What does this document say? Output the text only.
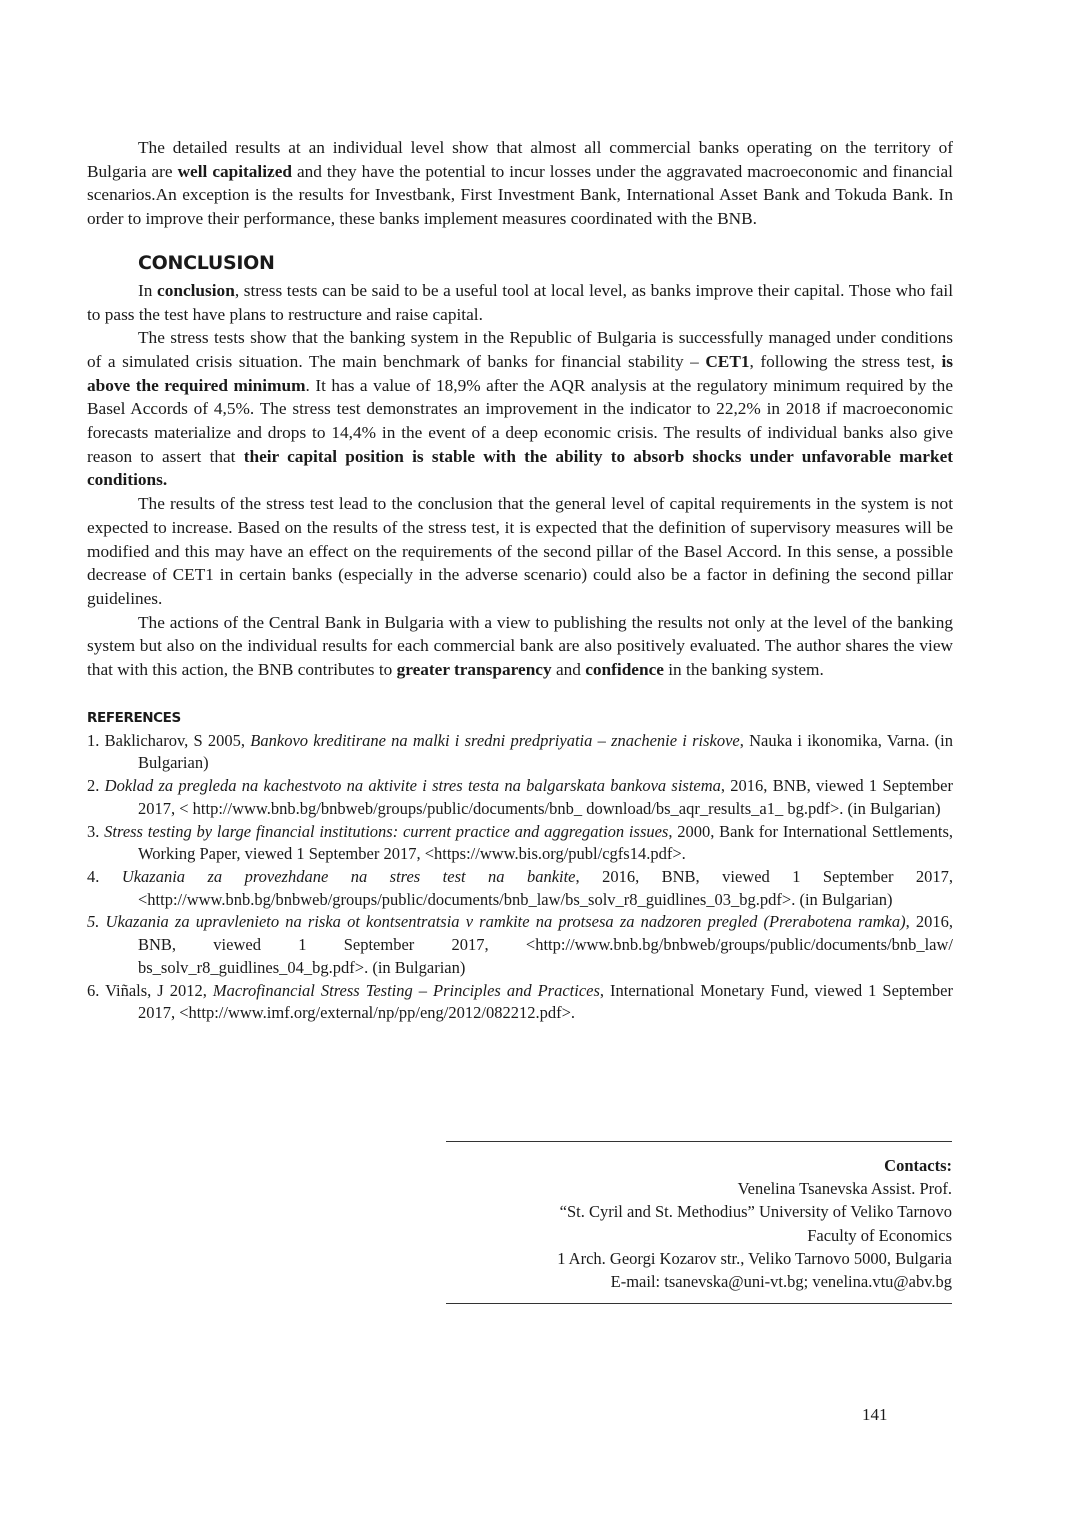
The detailed results at an individual level show that almost all commercial banks operating on the territory of Bulgaria are well capitalized and they have the potential to incur losses under the aggravated macroeconomic and financial scenarios.An exception is the results for Investbank, First Investment Bank, International Asset Bank and Tokuda Bank. In order to improve their performance, these banks implement measures coordinated with the BNB.

CONCLUSION

In conclusion, stress tests can be said to be a useful tool at local level, as banks improve their capital. Those who fail to pass the test have plans to restructure and raise capital.

The stress tests show that the banking system in the Republic of Bulgaria is successfully managed under conditions of a simulated crisis situation. The main benchmark of banks for financial stability – CET1, following the stress test, is above the required minimum. It has a value of 18,9% after the AQR analysis at the regulatory minimum required by the Basel Accords of 4,5%. The stress test demonstrates an improvement in the indicator to 22,2% in 2018 if macroeconomic forecasts materialize and drops to 14,4% in the event of a deep economic crisis. The results of individual banks also give reason to assert that their capital position is stable with the ability to absorb shocks under unfavorable market conditions.

The results of the stress test lead to the conclusion that the general level of capital requirements in the system is not expected to increase. Based on the results of the stress test, it is expected that the definition of supervisory measures will be modified and this may have an effect on the requirements of the second pillar of the Basel Accord. In this sense, a possible decrease of CET1 in certain banks (especially in the adverse scenario) could also be a factor in defining the second pillar guidelines.

The actions of the Central Bank in Bulgaria with a view to publishing the results not only at the level of the banking system but also on the individual results for each commercial bank are also positively evaluated. The author shares the view that with this action, the BNB contributes to greater transparency and confidence in the banking system.

REFERENCES
1. Baklicharov, S 2005, Bankovo kreditirane na malki i sredni predpriyatia – znachenie i riskove, Nauka i ikonomika, Varna. (in Bulgarian)
2. Doklad za pregleda na kachestvoto na aktivite i stres testa na balgarskata bankova sistema, 2016, BNB, viewed 1 September 2017, < http://www.bnb.bg/bnbweb/groups/public/documents/bnb_ download/bs_aqr_results_a1_ bg.pdf>. (in Bulgarian)
3. Stress testing by large financial institutions: current practice and aggregation issues, 2000, Bank for International Settlements, Working Paper, viewed 1 September 2017, <https://www.bis.org/publ/cgfs14.pdf>.
4. Ukazania za provezhdane na stres test na bankite, 2016, BNB, viewed 1 September 2017, <http://www.bnb.bg/bnbweb/groups/public/documents/bnb_law/bs_solv_r8_guidlines_03_bg.pdf>. (in Bulgarian)
5. Ukazania za upravlenieto na riska ot kontsentratsia v ramkite na protsesa za nadzoren pregled (Prerabotena ramka), 2016, BNB, viewed 1 September 2017, <http://www.bnb.bg/bnbweb/groups/public/documents/bnb_law/ bs_solv_r8_guidlines_04_bg.pdf>. (in Bulgarian)
6. Viñals, J 2012, Macrofinancial Stress Testing – Principles and Practices, International Monetary Fund, viewed 1 September 2017, <http://www.imf.org/external/np/pp/eng/2012/082212.pdf>.
Contacts:
Venelina Tsanevska Assist. Prof.
“St. Cyril and St. Methodius” University of Veliko Tarnovo
Faculty of Economics
1 Arch. Georgi Kozarov str., Veliko Tarnovo 5000, Bulgaria
E-mail: tsanevska@uni-vt.bg; venelina.vtu@abv.bg
141
